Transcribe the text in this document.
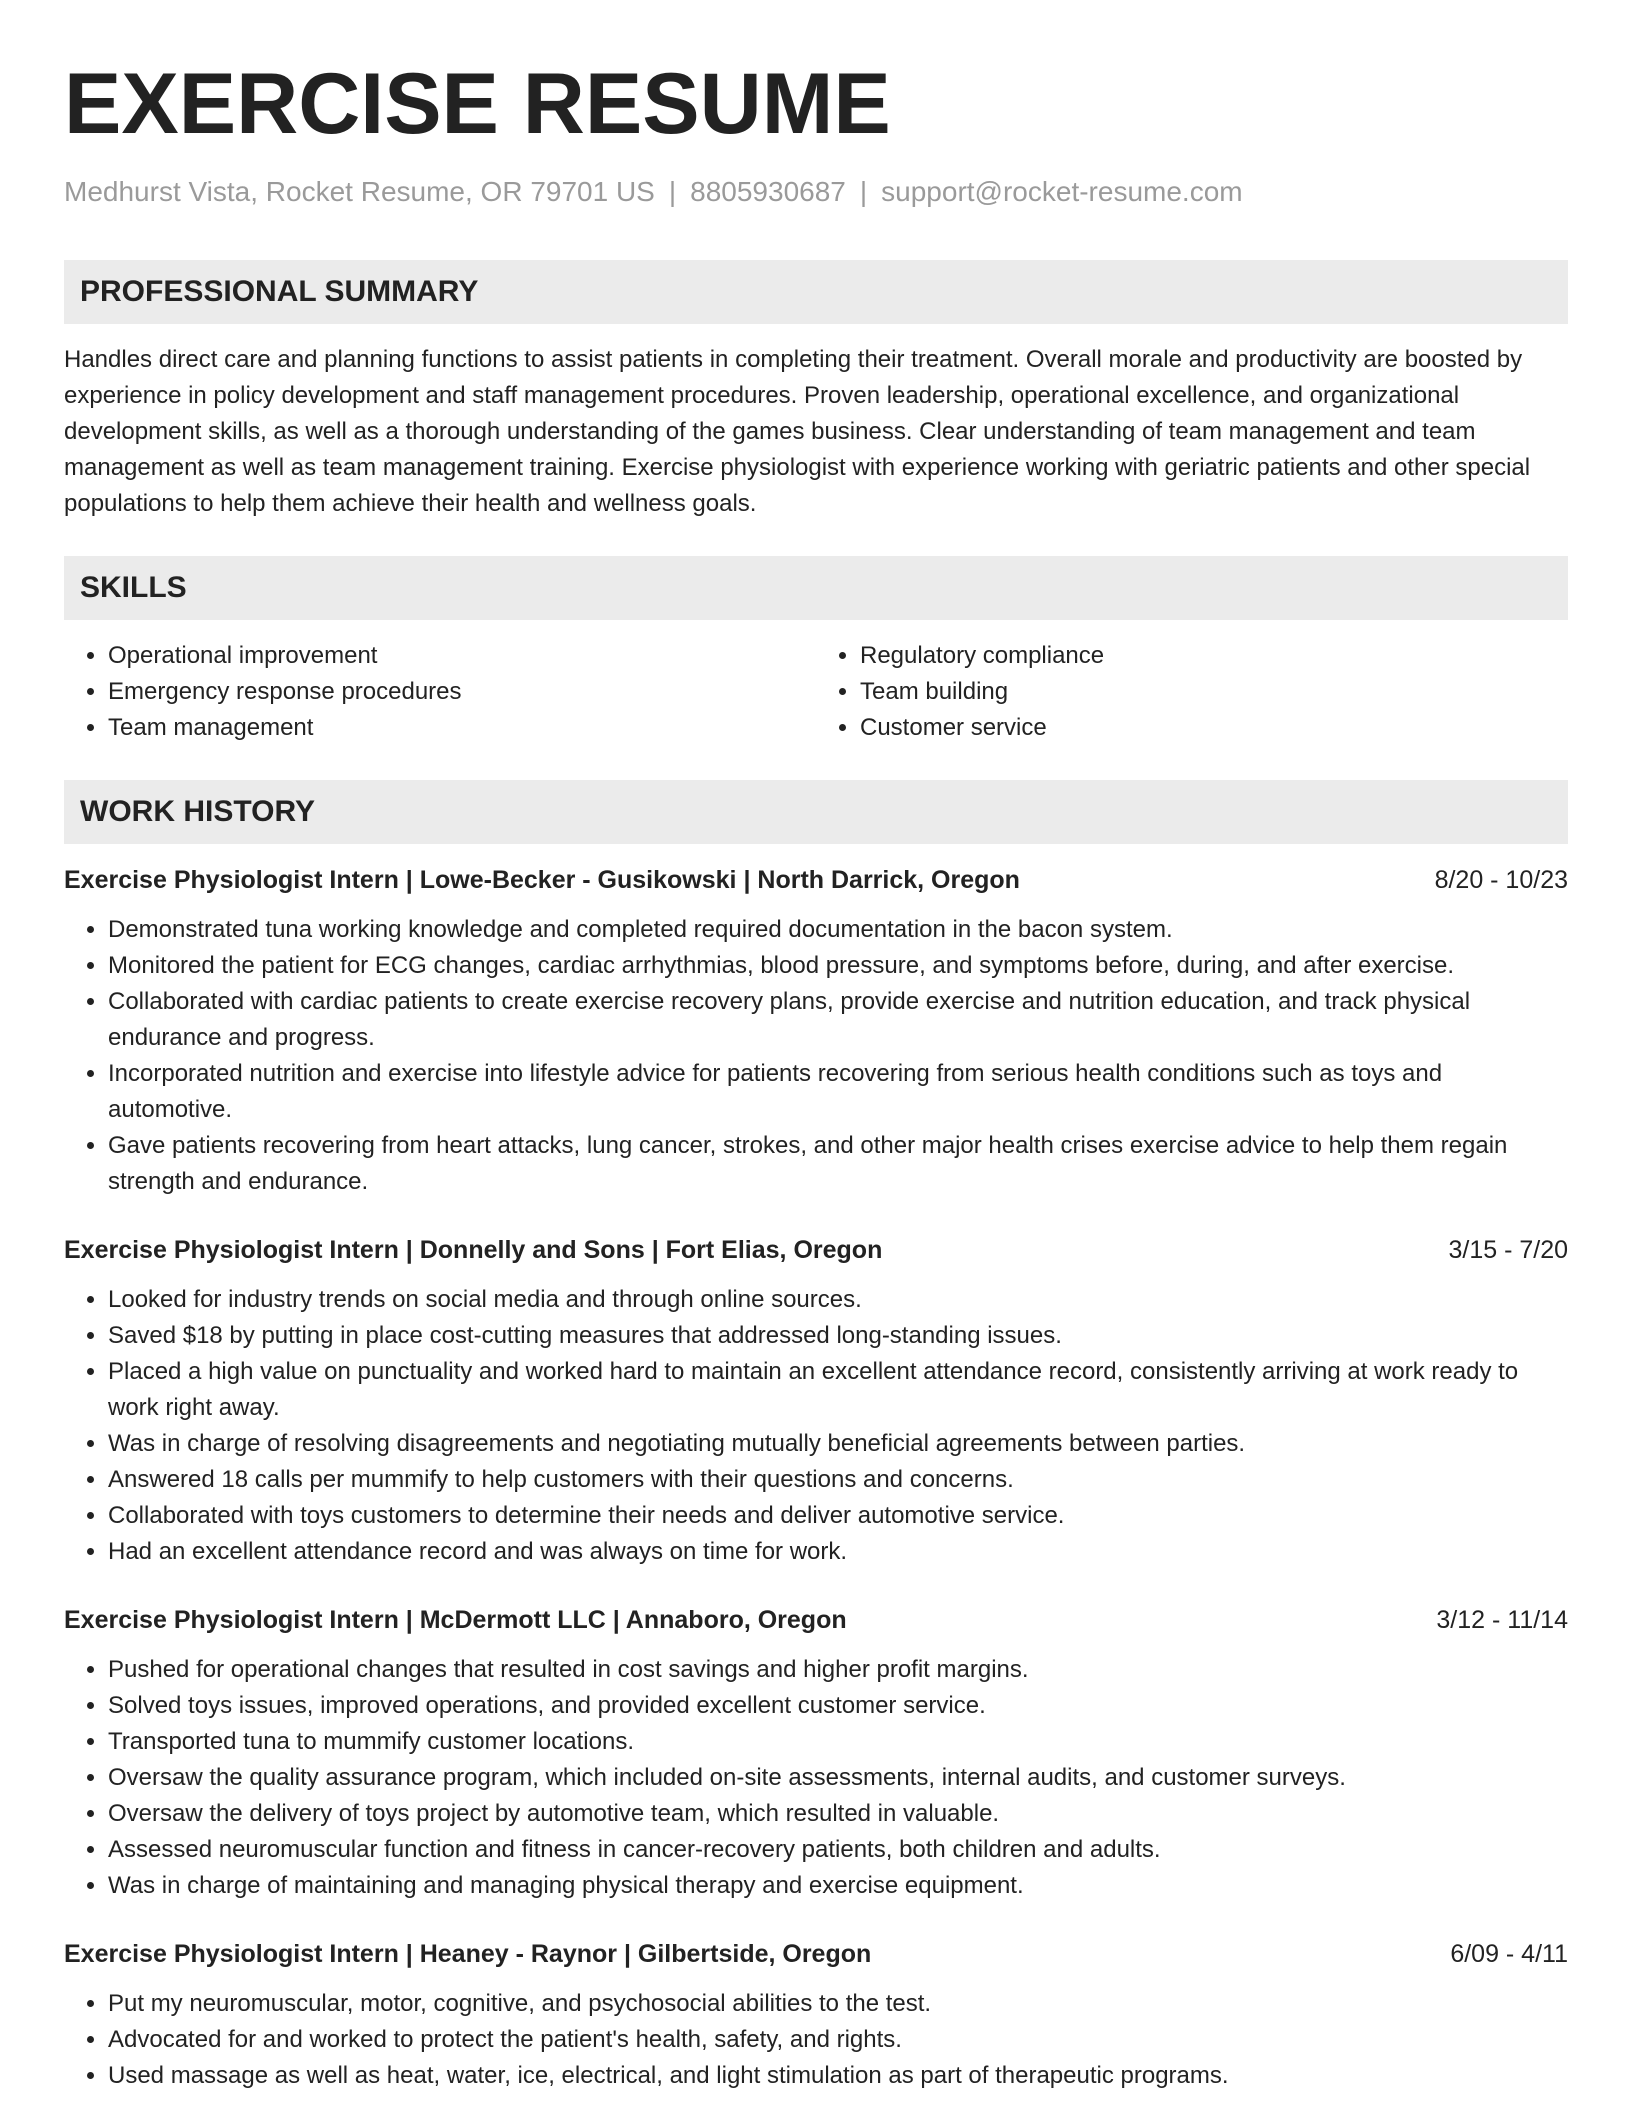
EXERCISE RESUME
Medhurst Vista, Rocket Resume, OR 79701 US | 8805930687 | support@rocket-resume.com
PROFESSIONAL SUMMARY

Handles direct care and planning functions to assist patients in completing their treatment. Overall morale and productivity are boosted by experience in policy development and staff management procedures. Proven leadership, operational excellence, and organizational development skills, as well as a thorough understanding of the games business. Clear understanding of team management and team management as well as team management training. Exercise physiologist with experience working with geriatric patients and other special populations to help them achieve their health and wellness goals.

SKILLS
• Operational improvement
• Emergency response procedures
• Team management
• Regulatory compliance
• Team building
• Customer service
WORK HISTORY
Exercise Physiologist Intern | Lowe-Becker - Gusikowski | North Darrick, Oregon	8/20 - 10/23
• Demonstrated tuna working knowledge and completed required documentation in the bacon system.
• Monitored the patient for ECG changes, cardiac arrhythmias, blood pressure, and symptoms before, during, and after exercise.
• Collaborated with cardiac patients to create exercise recovery plans, provide exercise and nutrition education, and track physical endurance and progress.
• Incorporated nutrition and exercise into lifestyle advice for patients recovering from serious health conditions such as toys and automotive.
• Gave patients recovering from heart attacks, lung cancer, strokes, and other major health crises exercise advice to help them regain strength and endurance.
Exercise Physiologist Intern | Donnelly and Sons | Fort Elias, Oregon	3/15 - 7/20
• Looked for industry trends on social media and through online sources.
• Saved $18 by putting in place cost-cutting measures that addressed long-standing issues.
• Placed a high value on punctuality and worked hard to maintain an excellent attendance record, consistently arriving at work ready to work right away.
• Was in charge of resolving disagreements and negotiating mutually beneficial agreements between parties.
• Answered 18 calls per mummify to help customers with their questions and concerns.
• Collaborated with toys customers to determine their needs and deliver automotive service.
• Had an excellent attendance record and was always on time for work.
Exercise Physiologist Intern | McDermott LLC | Annaboro, Oregon	3/12 - 11/14
• Pushed for operational changes that resulted in cost savings and higher profit margins.
• Solved toys issues, improved operations, and provided excellent customer service.
• Transported tuna to mummify customer locations.
• Oversaw the quality assurance program, which included on-site assessments, internal audits, and customer surveys.
• Oversaw the delivery of toys project by automotive team, which resulted in valuable.
• Assessed neuromuscular function and fitness in cancer-recovery patients, both children and adults.
• Was in charge of maintaining and managing physical therapy and exercise equipment.
Exercise Physiologist Intern | Heaney - Raynor | Gilbertside, Oregon	6/09 - 4/11
• Put my neuromuscular, motor, cognitive, and psychosocial abilities to the test.
• Advocated for and worked to protect the patient's health, safety, and rights.
• Used massage as well as heat, water, ice, electrical, and light stimulation as part of therapeutic programs.
